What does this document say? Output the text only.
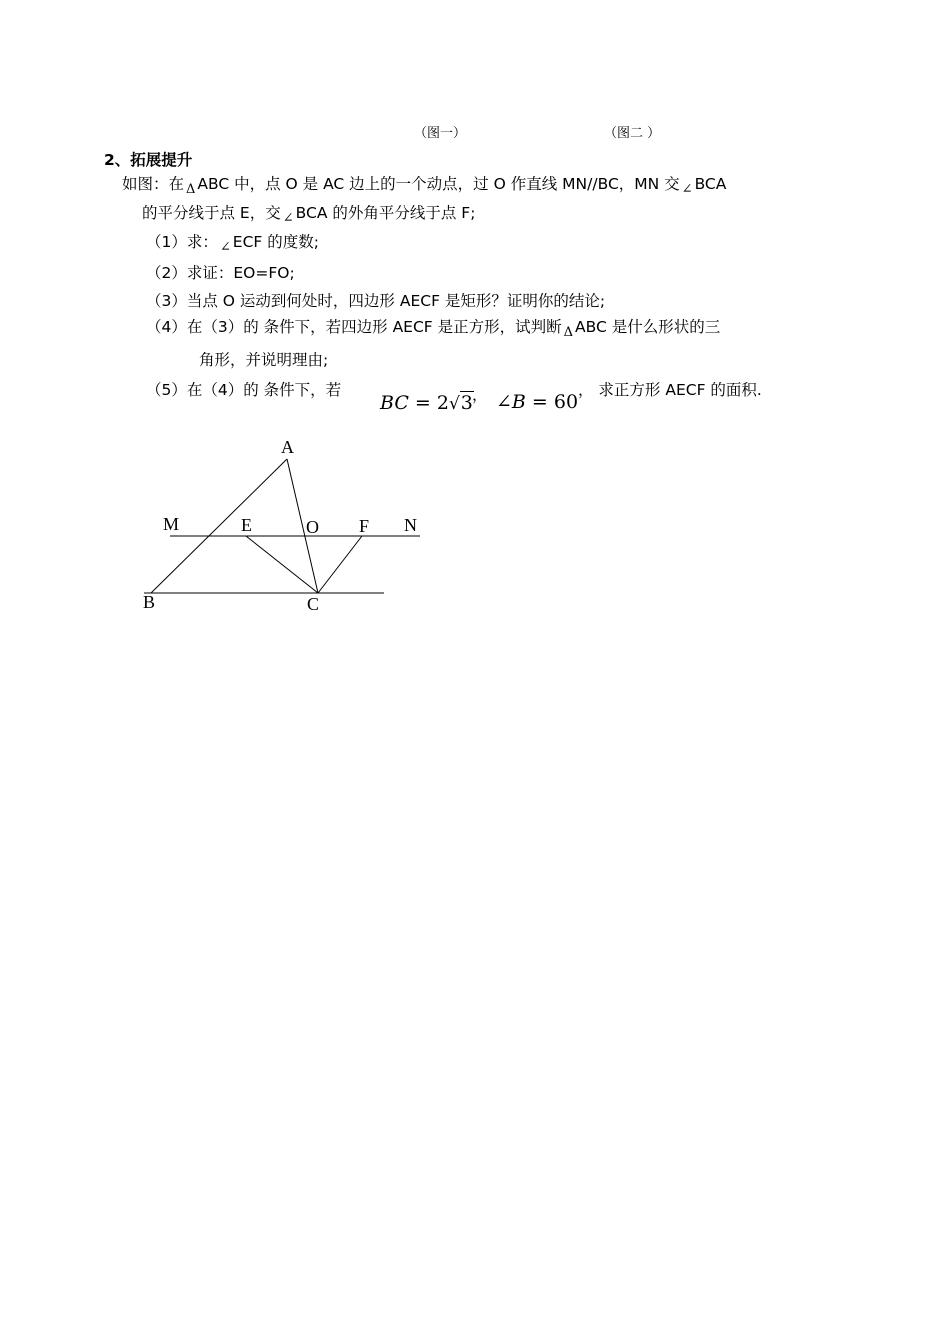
（图一）	（图二 ）
2、拓展提升
如图：在 Δ ABC 中，点 O 是 AC 边上的一个动点，过 O 作直线 MN//BC，MN 交 ∠ BCA
的平分线于点 E，交 ∠ BCA 的外角平分线于点 F;
（1）求： ∠ ECF 的度数;
（2）求证：EO=FO;
（3）当点 O 运动到何处时，四边形 AECF 是矩形？证明你的结论;
（4）在（3）的 条件下，若四边形 AECF 是正方形，试判断 Δ ABC 是什么形状的三
角形，并说明理由;
（5）在（4）的 条件下，若
BC = 2√3 ， ∠B = 60
， 求正方形 AECF 的面积.
A
M	E	O F N
B	C
